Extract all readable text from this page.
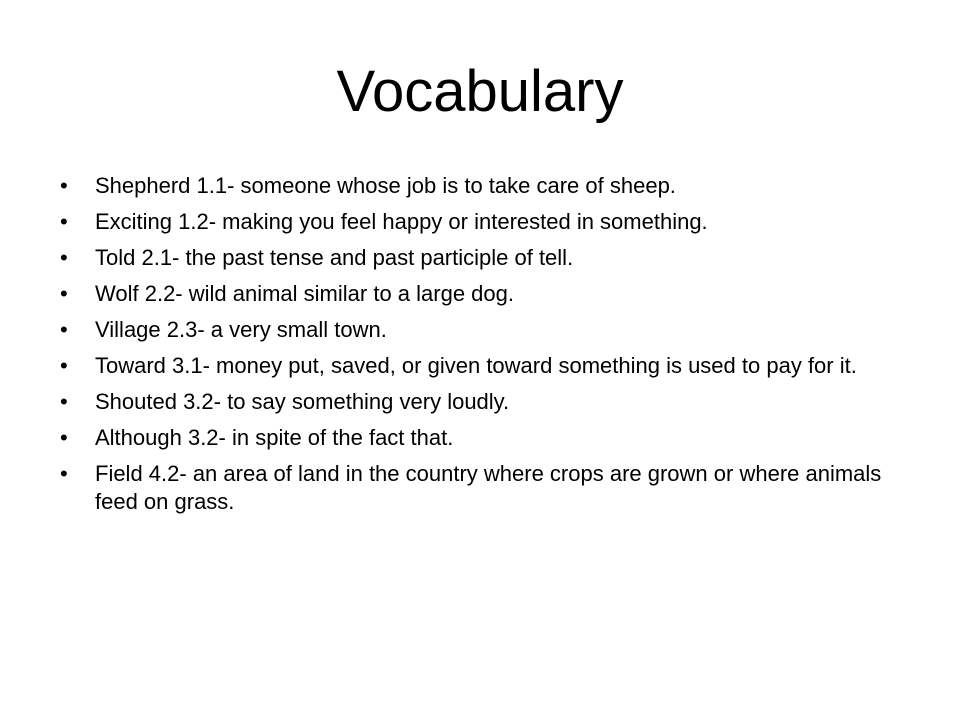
Vocabulary
•	Shepherd 1.1- someone whose job is to take care of sheep.
•	Exciting 1.2- making you feel happy or interested in something.
•	Told 2.1- the past tense and past participle of tell.
•	Wolf 2.2- wild animal similar to a large dog.
•	Village 2.3- a very small town.
•	Toward 3.1- money put, saved, or given toward something is used to pay for it.
•	Shouted 3.2- to say something very loudly.
•	Although 3.2- in spite of the fact that.
•	Field 4.2- an area of land in the country where crops are grown or where animals feed on grass.
